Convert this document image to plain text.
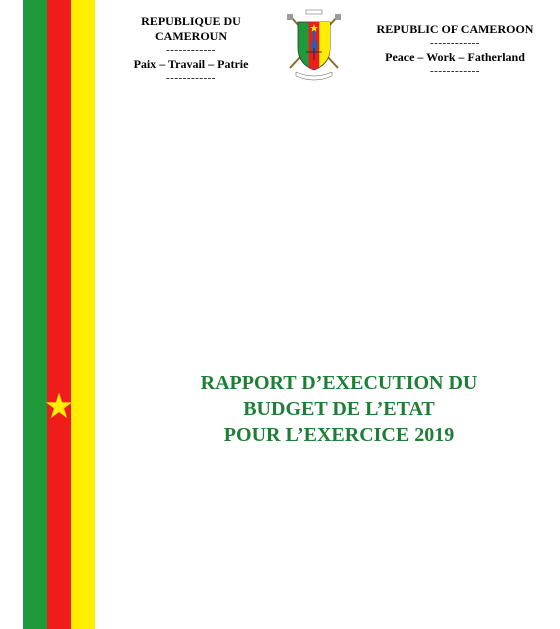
REPUBLIQUE DU
CAMEROUN
------------
Paix – Travail – Patrie
------------
REPUBLIC OF CAMEROON
------------
Peace – Work – Fatherland
------------
RAPPORT D’EXECUTION DU
BUDGET DE L’ETAT
POUR L’EXERCICE 2019
